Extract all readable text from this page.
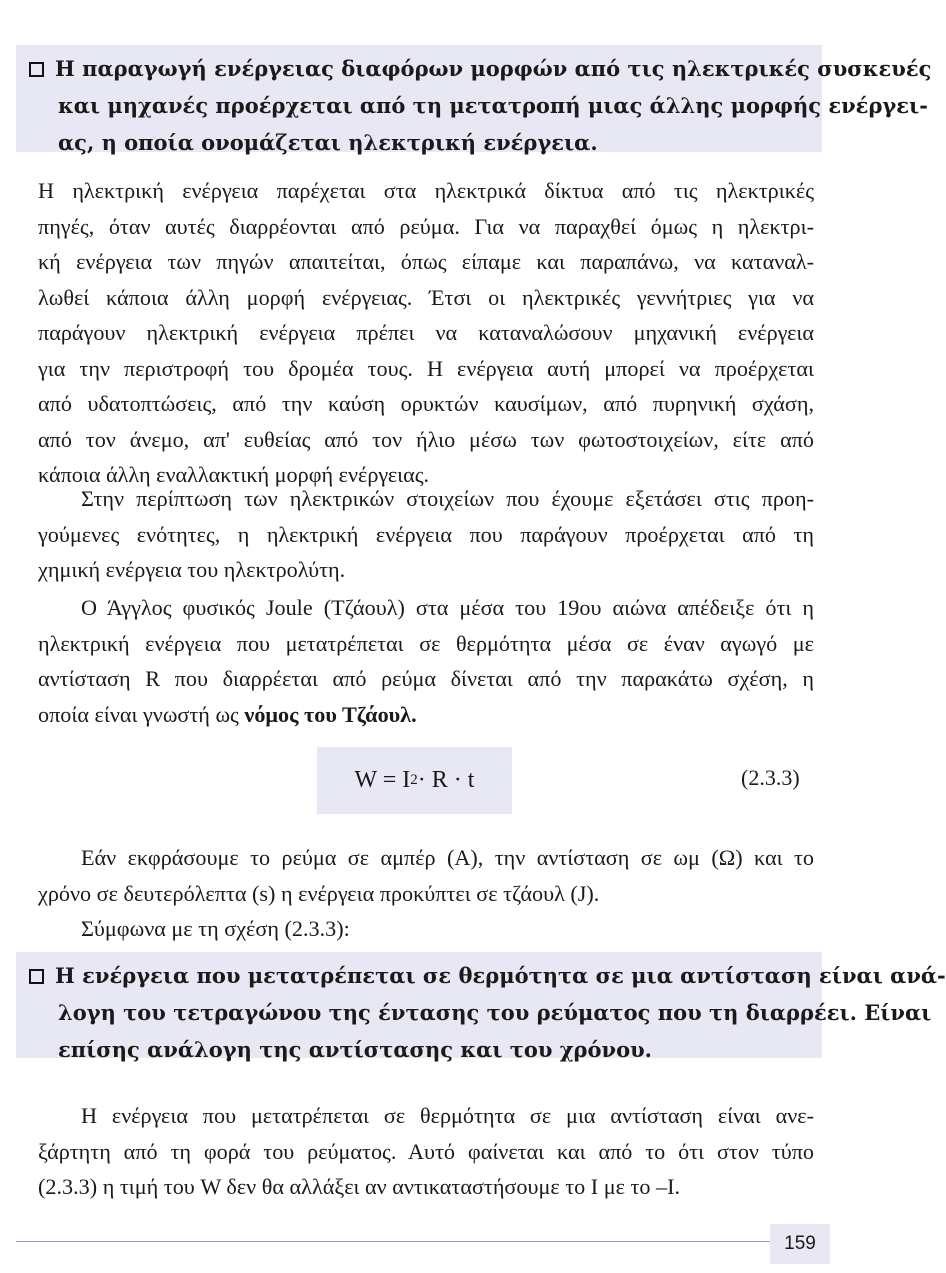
Η παραγωγή ενέργειας διαφόρων μορφών από τις ηλεκτρικές συσκευές
και μηχανές προέρχεται από τη μετατροπή μιας άλλης μορφής ενέργει-
ας, η οποία ονομάζεται ηλεκτρική ενέργεια.
Η ηλεκτρική ενέργεια παρέχεται στα ηλεκτρικά δίκτυα από τις ηλεκτρικές
πηγές, όταν αυτές διαρρέονται από ρεύμα. Για να παραχθεί όμως η ηλεκτρι-
κή ενέργεια των πηγών απαιτείται, όπως είπαμε και παραπάνω, να καταναλ-
λωθεί κάποια άλλη μορφή ενέργειας. Έτσι οι ηλεκτρικές γεννήτριες για να
παράγουν ηλεκτρική ενέργεια πρέπει να καταναλώσουν μηχανική ενέργεια
για την περιστροφή του δρομέα τους. Η ενέργεια αυτή μπορεί να προέρχεται
από υδατοπτώσεις, από την καύση ορυκτών καυσίμων, από πυρηνική σχάση,
από τον άνεμο, απ' ευθείας από τον ήλιο μέσω των φωτοστοιχείων, είτε από
κάποια άλλη εναλλακτική μορφή ενέργειας.
Στην περίπτωση των ηλεκτρικών στοιχείων που έχουμε εξετάσει στις προη-
γούμενες ενότητες, η ηλεκτρική ενέργεια που παράγουν προέρχεται από τη
χημική ενέργεια του ηλεκτρολύτη.
Ο Άγγλος φυσικός Joule (Τζάουλ) στα μέσα του 19ου αιώνα απέδειξε ότι η
ηλεκτρική ενέργεια που μετατρέπεται σε θερμότητα μέσα σε έναν αγωγό με
αντίσταση R που διαρρέεται από ρεύμα δίνεται από την παρακάτω σχέση, η
οποία είναι γνωστή ως νόμος του Τζάουλ.
W = I 2 · R · t	(2.3.3)
Εάν εκφράσουμε το ρεύμα σε αμπέρ (Α), την αντίσταση σε ωμ (Ω) και το
χρόνο σε δευτερόλεπτα (s) η ενέργεια προκύπτει σε τζάουλ (J).
Σύμφωνα με τη σχέση (2.3.3):
Η ενέργεια που μετατρέπεται σε θερμότητα σε μια αντίσταση είναι ανά-
λογη του τετραγώνου της έντασης του ρεύματος που τη διαρρέει. Είναι
επίσης ανάλογη της αντίστασης και του χρόνου.
Η ενέργεια που μετατρέπεται σε θερμότητα σε μια αντίσταση είναι ανε-
ξάρτητη από τη φορά του ρεύματος. Αυτό φαίνεται και από το ότι στον τύπο
(2.3.3) η τιμή του W δεν θα αλλάξει αν αντικαταστήσουμε το I με το –I.
159
